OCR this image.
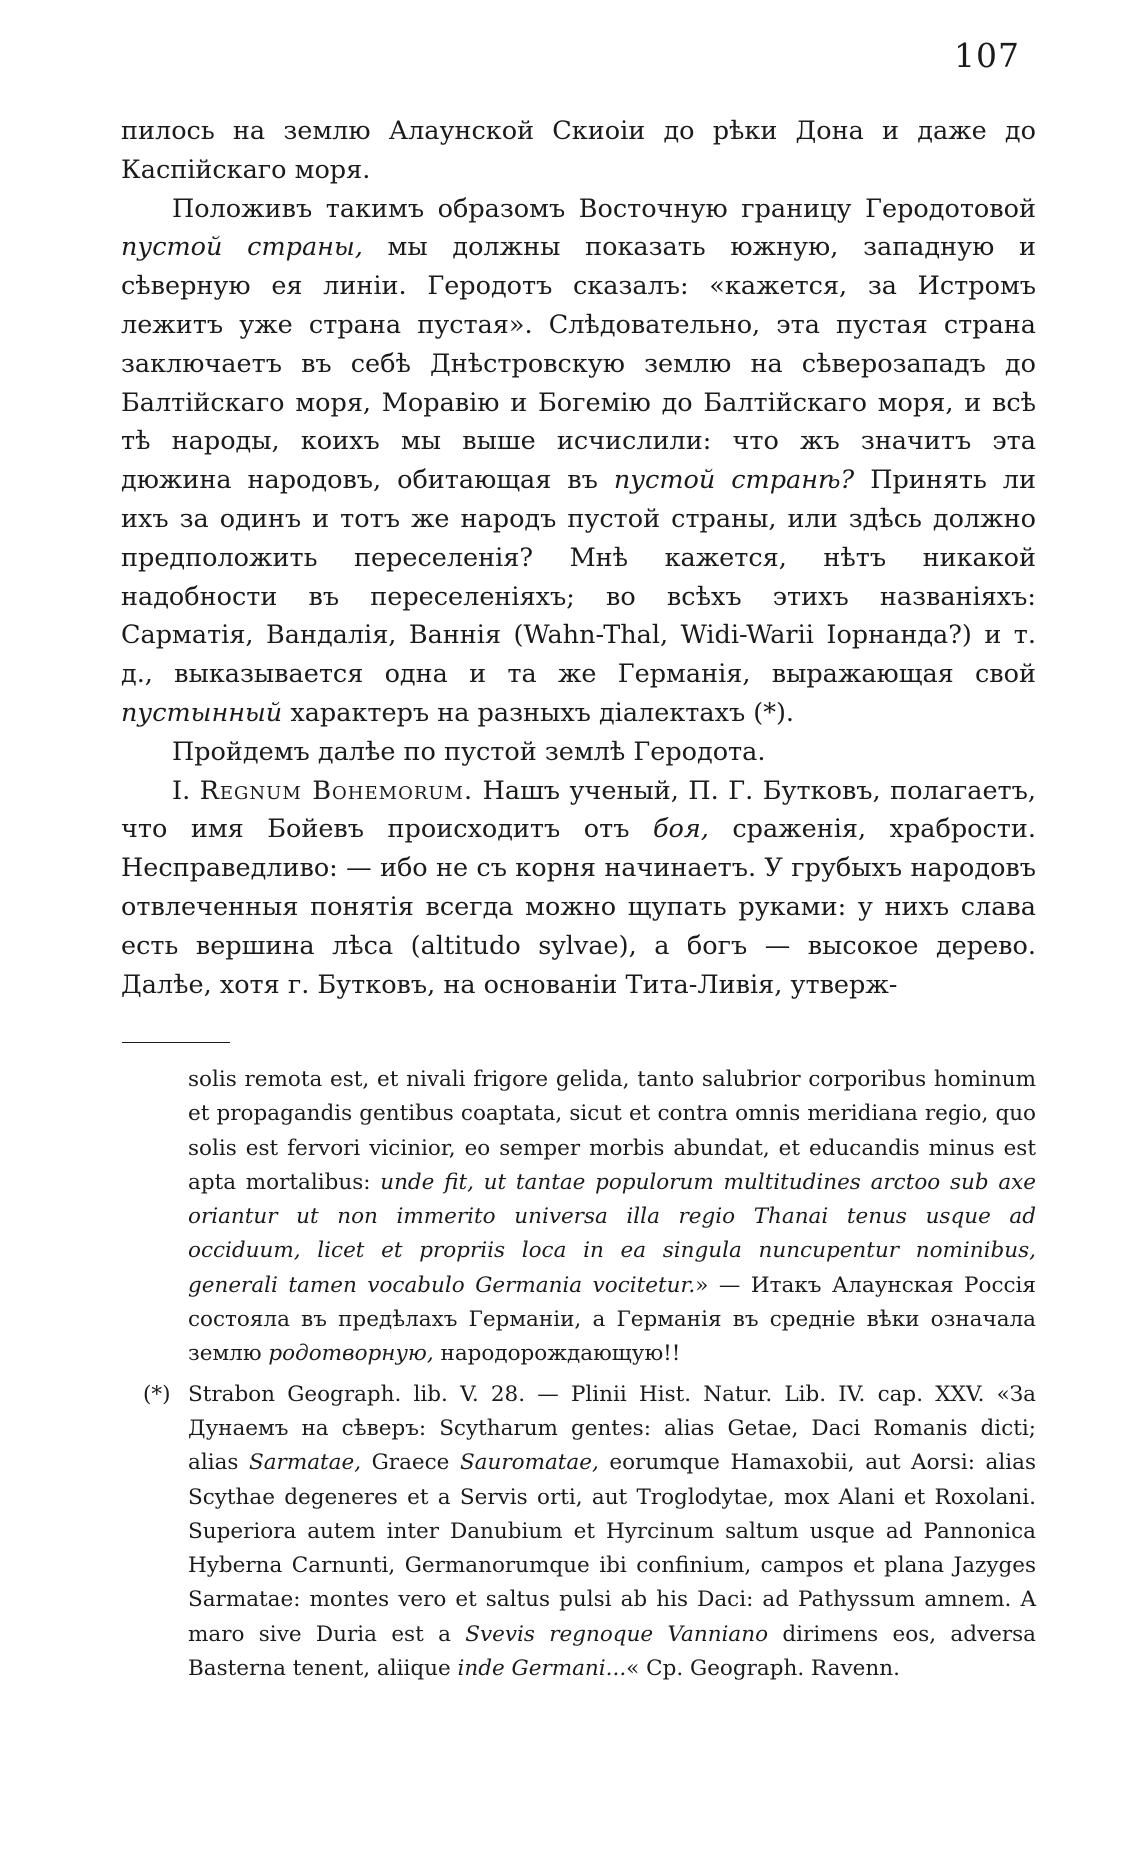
107

пилось на землю Алаунской Скиоіи до рѣки Дона и даже до Каспійскаго моря.

Положивъ такимъ образомъ Восточную границу Геродотовой пустой страны, мы должны показать южную, западную и сѣверную ея линіи. Геродотъ сказалъ: «кажется, за Истромъ лежитъ уже страна пустая». Слѣдовательно, эта пустая страна заключаетъ въ себѣ Днѣстровскую землю на сѣверозападъ до Балтійскаго моря, Моравію и Богемію до Балтійскаго моря, и всѣ тѣ народы, коихъ мы выше исчислили: что жъ значитъ эта дюжина народовъ, обитающая въ пустой странѣ? Принять ли ихъ за одинъ и тотъ же народъ пустой страны, или здѣсь должно предположить переселенія? Мнѣ кажется, нѣтъ никакой надобности въ переселеніяхъ; во всѣхъ этихъ названіяхъ: Сарматія, Вандалія, Ваннія (Wahn-Thal, Widi-Warii Іорнанда?) и т. д., выказывается одна и та же Германія, выражающая свой пустынный характеръ на разныхъ діалектахъ (*).

Пройдемъ далѣе по пустой землѣ Геродота.

I. Regnum Bohemorum. Нашъ ученый, П. Г. Бутковъ, полагаетъ, что имя Бойевъ происходитъ отъ боя, сраженія, храбрости. Несправедливо: — ибо не съ корня начинаетъ. У грубыхъ народовъ отвлеченныя понятія всегда можно щупать руками: у нихъ слава есть вершина лѣса (altitudo sylvae), а богъ — высокое дерево. Далѣе, хотя г. Бутковъ, на основаніи Тита-Ливія, утверж-

solis remota est, et nivali frigore gelida, tanto salubrior corporibus hominum et propagandis gentibus coaptata, sicut et contra omnis meridiana regio, quo solis est fervori vicinior, eo semper morbis abundat, et educandis minus est apta mortalibus: unde fit, ut tantae populorum multitudines arctoo sub axe oriantur ut non immerito universa illa regio Thanai tenus usque ad occiduum, licet et propriis loca in ea singula nuncupentur nominibus, generali tamen vocabulo Germania vocitetur.» — Итакъ Алаунская Россія состояла въ предѣлахъ Германіи, а Германія въ средніе вѣки означала землю родотворную, народорождающую!!

(*) Strabon Geograph. lib. V. 28. — Plinii Hist. Natur. Lib. IV. cap. XXV. «За Дунаемъ на сѣверъ: Scytharum gentes: alias Getae, Daci Romanis dicti; alias Sarmatae, Graece Sauromatae, eorumque Hamaxobii, aut Aorsi: alias Scythae degeneres et a Servis orti, aut Troglodytae, mox Alani et Roxolani. Superiora autem inter Danubium et Hyrcinum saltum usque ad Pannonica Hyberna Carnunti, Germanorumque ibi confinium, campos et plana Jazyges Sarmatae: montes vero et saltus pulsi ab his Daci: ad Pathyssum amnem. A maro sive Duria est a Svevis regnoque Vanniano dirimens eos, adversa Basterna tenent, aliique inde Germani...« Ср. Geograph. Ravenn.
